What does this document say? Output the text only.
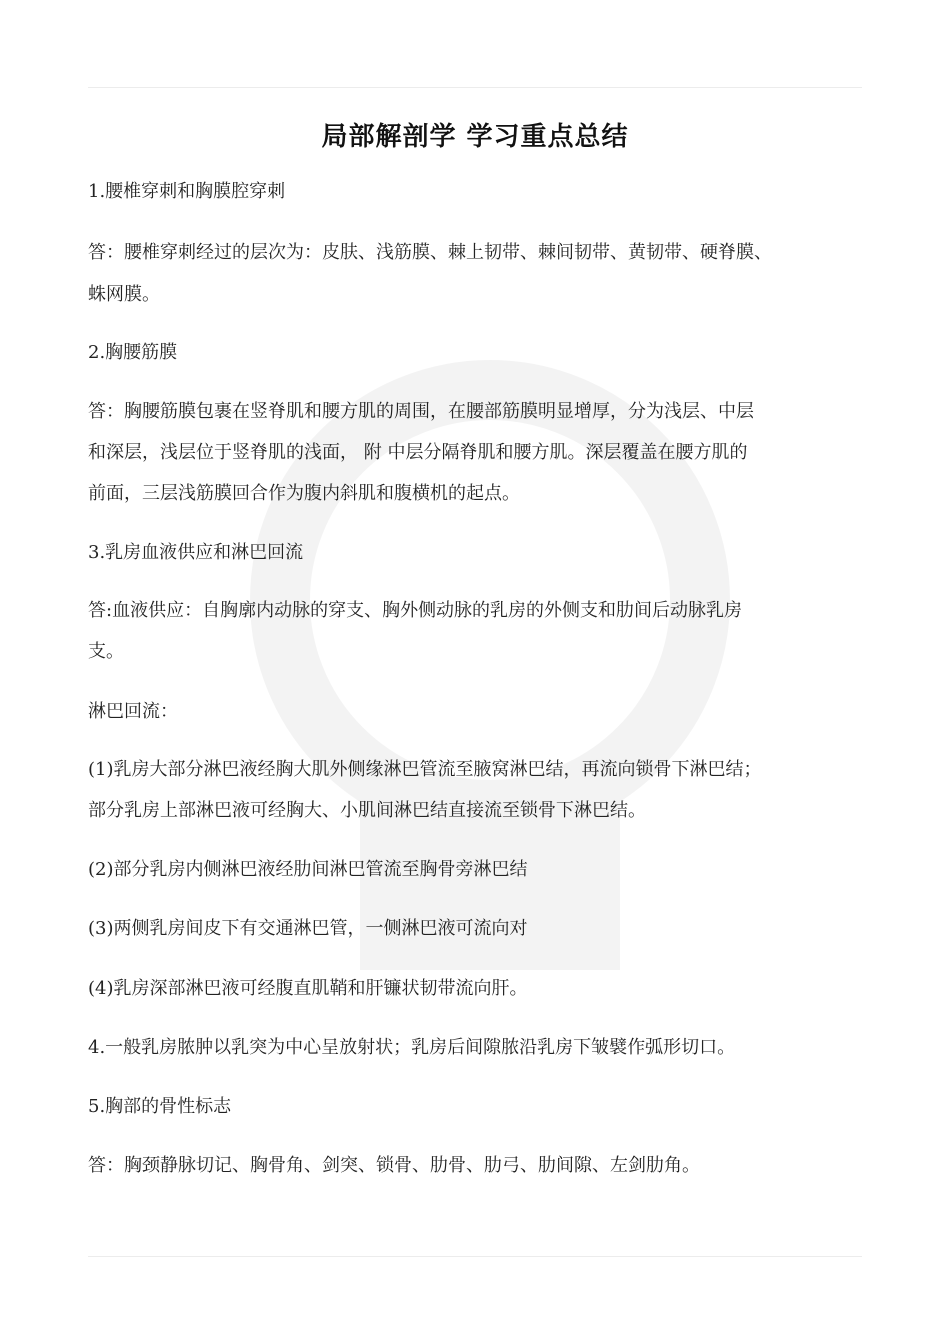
局部解剖学 学习重点总结
1.腰椎穿刺和胸膜腔穿刺
答：腰椎穿刺经过的层次为：皮肤、浅筋膜、棘上韧带、棘间韧带、黄韧带、硬脊膜、
蛛网膜。
2.胸腰筋膜
答：胸腰筋膜包裹在竖脊肌和腰方肌的周围，在腰部筋膜明显增厚，分为浅层、中层
和深层，浅层位于竖脊肌的浅面， 附 中层分隔脊肌和腰方肌。深层覆盖在腰方肌的
前面，三层浅筋膜回合作为腹内斜肌和腹横机的起点。
3.乳房血液供应和淋巴回流
答:血液供应：自胸廓内动脉的穿支、胸外侧动脉的乳房的外侧支和肋间后动脉乳房
支。
淋巴回流：
(1)乳房大部分淋巴液经胸大肌外侧缘淋巴管流至腋窝淋巴结，再流向锁骨下淋巴结；
部分乳房上部淋巴液可经胸大、小肌间淋巴结直接流至锁骨下淋巴结。
(2)部分乳房内侧淋巴液经肋间淋巴管流至胸骨旁淋巴结
(3)两侧乳房间皮下有交通淋巴管，一侧淋巴液可流向对
(4)乳房深部淋巴液可经腹直肌鞘和肝镰状韧带流向肝。
4.一般乳房脓肿以乳突为中心呈放射状；乳房后间隙脓沿乳房下皱襞作弧形切口。
5.胸部的骨性标志
答：胸颈静脉切记、胸骨角、剑突、锁骨、肋骨、肋弓、肋间隙、左剑肋角。
